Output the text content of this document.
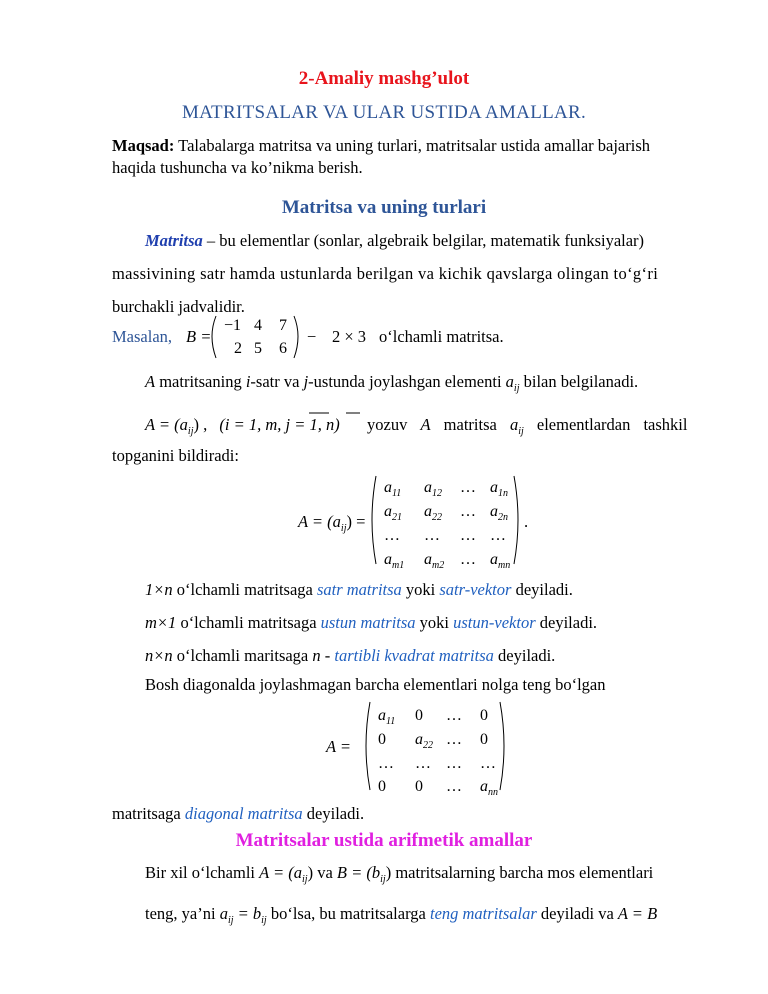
2-Amaliy mashg’ulot
MATRITSALAR VA ULAR USTIDA AMALLAR.
Maqsad: Talabalarga matritsa va uning turlari, matritsalar ustida amallar bajarish
haqida tushuncha va ko’nikma berish.
Matritsa va uning turlari
Matritsa – bu elementlar (sonlar, algebraik belgilar, matematik funksiyalar)
massivining satr hamda ustunlarda berilgan va kichik qavslarga olingan to‘g‘ri
burchakli jadvalidir.
Masalan, B =
−1 4 7
2 5 6
− 2 × 3 o‘lchamli matritsa.
A matritsaning i-satr va j-ustunda joylashgan elementi $a_{ij}$ bilan belgilanadi.
$A = (a_{ij})$ , (i = 1, m, j = 1, n) yozuv A matritsa $a_{ij}$ elementlardan tashkil
topganini bildiradi:
$A = (a_{ij})$ =
$a_{11}$ $a_{12}$ … $a_{1n}$
$a_{21}$ $a_{22}$ … $a_{2n}$
… … … …
$a_{m1}$ $a_{m2}$ … $a_{mn}$
.
1×n o‘lchamli matritsaga satr matritsa yoki satr-vektor deyiladi.
m×1 o‘lchamli matritsaga ustun matritsa yoki ustun-vektor deyiladi.
n×n o‘lchamli maritsaga n - tartibli kvadrat matritsa deyiladi.
Bosh diagonalda joylashmagan barcha elementlari nolga teng bo‘lgan
A =
$a_{11}$ 0 … 0
0 $a_{22}$ … 0
… … … …
0 0 … $a_{nn}$
matritsaga diagonal matritsa deyiladi.
Matritsalar ustida arifmetik amallar
Bir xil o‘lchamli $A = (a_{ij})$ va $B = (b_{ij})$ matritsalarning barcha mos elementlari
teng, ya’ni $a_{ij} = b_{ij}$ bo‘lsa, bu matritsalarga teng matritsalar deyiladi va A = B
